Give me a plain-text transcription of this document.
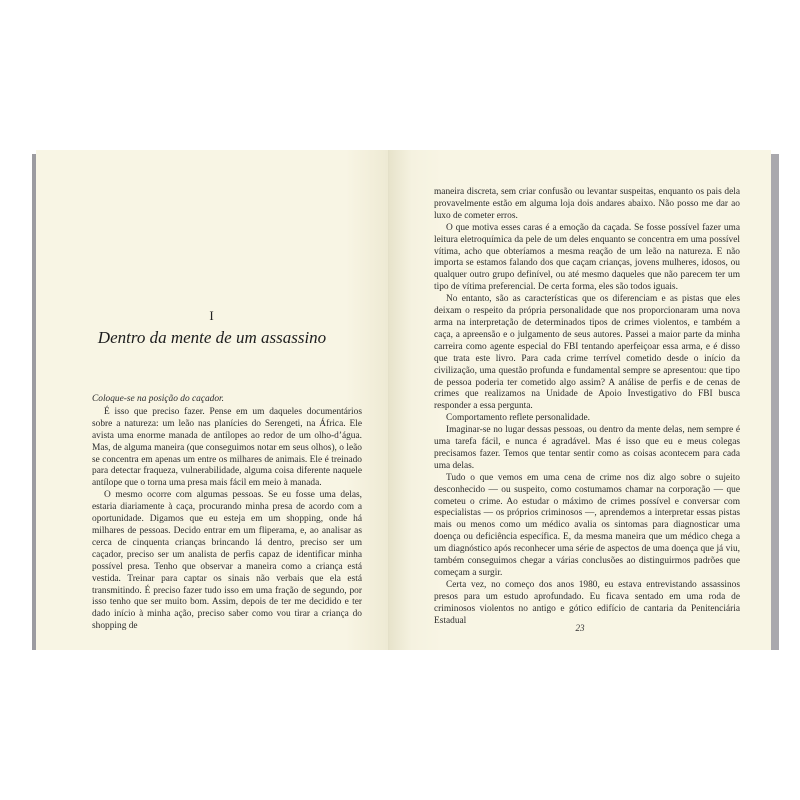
I
Dentro da mente de um assassino

Coloque-se na posição do caçador.

É isso que preciso fazer. Pense em um daqueles documentários sobre a natureza: um leão nas planícies do Serengeti, na África. Ele avista uma enorme manada de antílopes ao redor de um olho-d’água. Mas, de alguma maneira (que conseguimos notar em seus olhos), o leão se concentra em apenas um entre os milhares de animais. Ele é treinado para detectar fraqueza, vulnerabilidade, alguma coisa diferente naquele antílope que o torna uma presa mais fácil em meio à manada.

O mesmo ocorre com algumas pessoas. Se eu fosse uma delas, estaria diariamente à caça, procurando minha presa de acordo com a oportunidade. Digamos que eu esteja em um shopping, onde há milhares de pessoas. Decido entrar em um fliperama, e, ao analisar as cerca de cinquenta crianças brincando lá dentro, preciso ser um caçador, preciso ser um analista de perfis capaz de identificar minha possível presa. Tenho que observar a maneira como a criança está vestida. Treinar para captar os sinais não verbais que ela está transmitindo. É preciso fazer tudo isso em uma fração de segundo, por isso tenho que ser muito bom. Assim, depois de ter me decidido e ter dado início à minha ação, preciso saber como vou tirar a criança do shopping de

maneira discreta, sem criar confusão ou levantar suspeitas, enquanto os pais dela provavelmente estão em alguma loja dois andares abaixo. Não posso me dar ao luxo de cometer erros.

O que motiva esses caras é a emoção da caçada. Se fosse possível fazer uma leitura eletroquímica da pele de um deles enquanto se concentra em uma possível vítima, acho que obteríamos a mesma reação de um leão na natureza. E não importa se estamos falando dos que caçam crianças, jovens mulheres, idosos, ou qualquer outro grupo definível, ou até mesmo daqueles que não parecem ter um tipo de vítima preferencial. De certa forma, eles são todos iguais.

No entanto, são as características que os diferenciam e as pistas que eles deixam o respeito da própria personalidade que nos proporcionaram uma nova arma na interpretação de determinados tipos de crimes violentos, e também a caça, a apreensão e o julgamento de seus autores. Passei a maior parte da minha carreira como agente especial do FBI tentando aperfeiçoar essa arma, e é disso que trata este livro. Para cada crime terrível cometido desde o início da civilização, uma questão profunda e fundamental sempre se apresentou: que tipo de pessoa poderia ter cometido algo assim? A análise de perfis e de cenas de crimes que realizamos na Unidade de Apoio Investigativo do FBI busca responder a essa pergunta.

Comportamento reflete personalidade.

Imaginar-se no lugar dessas pessoas, ou dentro da mente delas, nem sempre é uma tarefa fácil, e nunca é agradável. Mas é isso que eu e meus colegas precisamos fazer. Temos que tentar sentir como as coisas acontecem para cada uma delas.

Tudo o que vemos em uma cena de crime nos diz algo sobre o sujeito desconhecido — ou suspeito, como costumamos chamar na corporação — que cometeu o crime. Ao estudar o máximo de crimes possível e conversar com especialistas — os próprios criminosos —, aprendemos a interpretar essas pistas mais ou menos como um médico avalia os sintomas para diagnosticar uma doença ou deficiência específica. E, da mesma maneira que um médico chega a um diagnóstico após reconhecer uma série de aspectos de uma doença que já viu, também conseguimos chegar a várias conclusões ao distinguirmos padrões que começam a surgir.

Certa vez, no começo dos anos 1980, eu estava entrevistando assassinos presos para um estudo aprofundado. Eu ficava sentado em uma roda de criminosos violentos no antigo e gótico edifício de cantaria da Penitenciária Estadual

23
